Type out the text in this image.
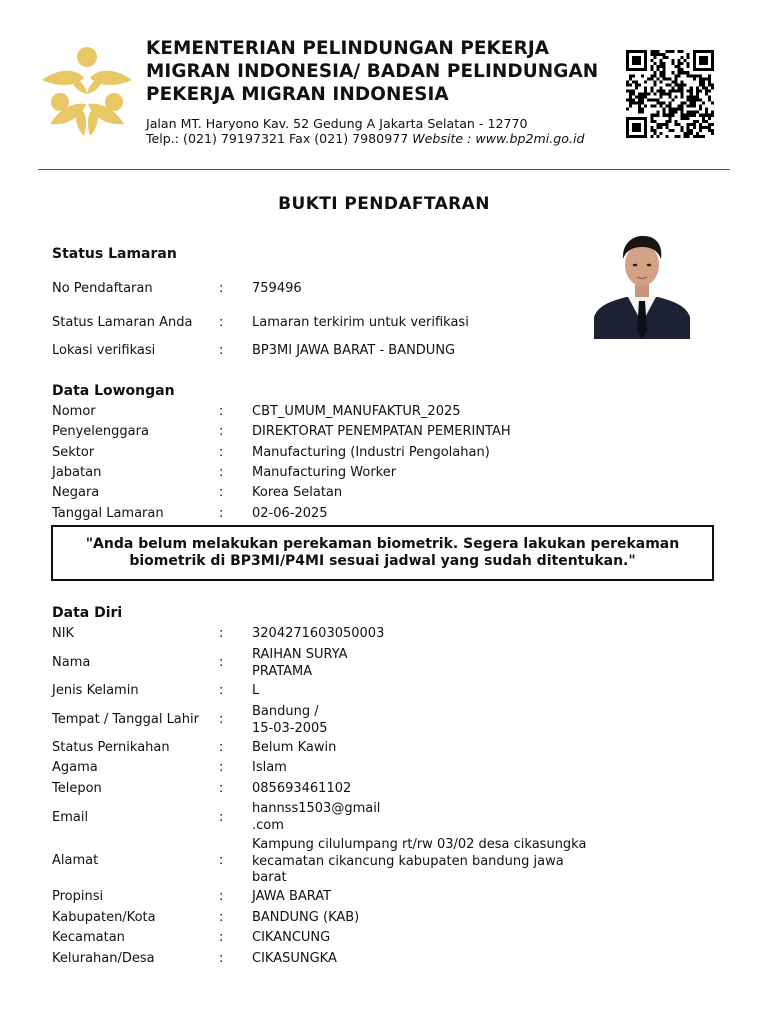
KEMENTERIAN PELINDUNGAN PEKERJA
MIGRAN INDONESIA/ BADAN PELINDUNGAN
PEKERJA MIGRAN INDONESIA
Jalan MT. Haryono Kav. 52 Gedung A Jakarta Selatan - 12770
Telp.: (021) 79197321 Fax (021) 7980977 Website : www.bp2mi.go.id
BUKTI PENDAFTARAN
Status Lamaran
No Pendaftaran	: 759496
Status Lamaran Anda : Lamaran terkirim untuk verifikasi
Lokasi verifikasi	: BP3MI JAWA BARAT - BANDUNG
Data Lowongan
Nomor	: CBT_UMUM_MANUFAKTUR_2025
Penyelenggara	: DIREKTORAT PENEMPATAN PEMERINTAH
Sektor	: Manufacturing (Industri Pengolahan)
Jabatan	: Manufacturing Worker
Negara	: Korea Selatan
Tanggal Lamaran	: 02-06-2025
"Anda belum melakukan perekaman biometrik. Segera lakukan perekaman
biometrik di BP3MI/P4MI sesuai jadwal yang sudah ditentukan."
Data Diri
NIK	: 3204271603050003
Nama	:
RAIHAN SURYA
PRATAMA
Jenis Kelamin	: L
Tempat / Tanggal Lahir :
Bandung /
15-03-2005
Status Pernikahan	: Belum Kawin
Agama	: Islam
Telepon	: 085693461102
Email	:
hannss1503@gmail
.com
Alamat	:
Kampung cilulumpang rt/rw 03/02 desa cikasungka
kecamatan cikancung kabupaten bandung jawa
barat
Propinsi	: JAWA BARAT
Kabupaten/Kota	: BANDUNG (KAB)
Kecamatan	: CIKANCUNG
Kelurahan/Desa	: CIKASUNGKA
